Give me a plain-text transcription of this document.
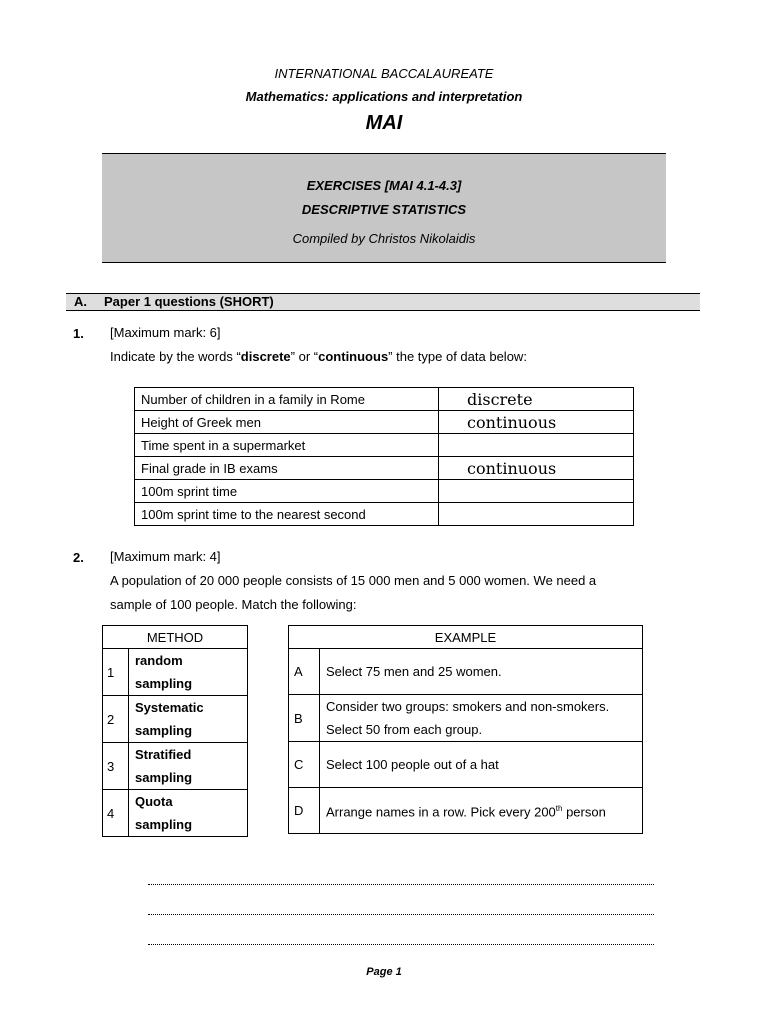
INTERNATIONAL BACCALAUREATE
Mathematics: applications and interpretation
MAI
EXERCISES [MAI 4.1-4.3]
DESCRIPTIVE STATISTICS
Compiled by Christos Nikolaidis
A. Paper 1 questions (SHORT)
1. [Maximum mark: 6]
Indicate by the words “discrete” or “continuous” the type of data below:
Number of children in a family in Rome	discrete
Height of Greek men	continuous
Time spent in a supermarket	
Final grade in IB exams	continuous
100m sprint time	
100m sprint time to the nearest second	
2. [Maximum mark: 4]
A population of 20 000 people consists of 15 000 men and 5 000 women. We need a
sample of 100 people. Match the following:
METHOD	
1	random
sampling

2	Systematic
sampling

3	Stratified
sampling

4	Quota
sampling
EXAMPLE	
A	Select 75 men and 25 women.

B	Consider two groups: smokers and non-smokers.
Select 50 from each group.

C	Select 100 people out of a hat

D	Arrange names in a row. Pick every 200th person
Page 1
